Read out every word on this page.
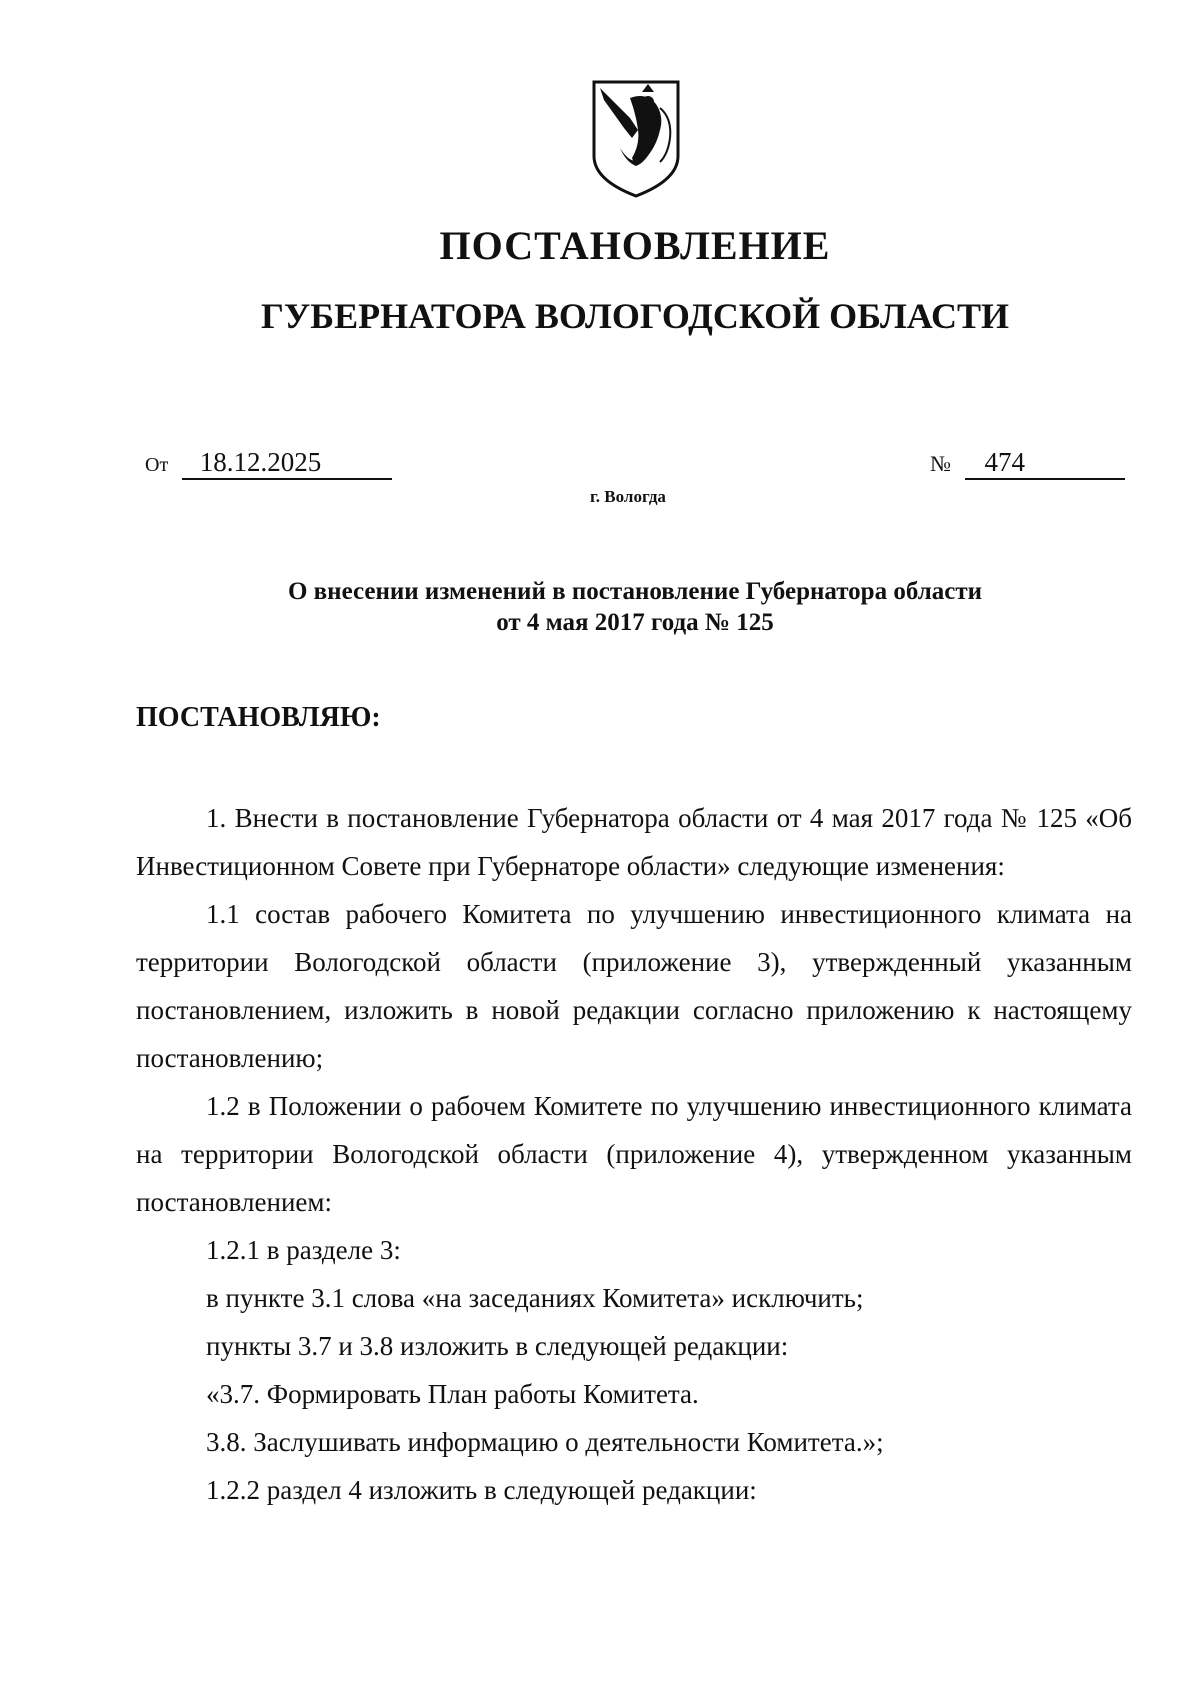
ПОСТАНОВЛЕНИЕ
ГУБЕРНАТОРА ВОЛОГОДСКОЙ ОБЛАСТИ
От 18.12.2025	№ 474
г. Вологда
О внесении изменений в постановление Губернатора области
от 4 мая 2017 года № 125
ПОСТАНОВЛЯЮ:

1. Внести в постановление Губернатора области от 4 мая 2017 года № 125 «Об Инвестиционном Совете при Губернаторе области» следующие изменения:

1.1 состав рабочего Комитета по улучшению инвестиционного климата на территории Вологодской области (приложение 3), утвержденный указанным постановлением, изложить в новой редакции согласно приложению к настоящему постановлению;

1.2 в Положении о рабочем Комитете по улучшению инвестиционного климата на территории Вологодской области (приложение 4), утвержденном указанным постановлением:

1.2.1 в разделе 3:

в пункте 3.1 слова «на заседаниях Комитета» исключить;

пункты 3.7 и 3.8 изложить в следующей редакции:

«3.7. Формировать План работы Комитета.

3.8. Заслушивать информацию о деятельности Комитета.»;

1.2.2 раздел 4 изложить в следующей редакции:
